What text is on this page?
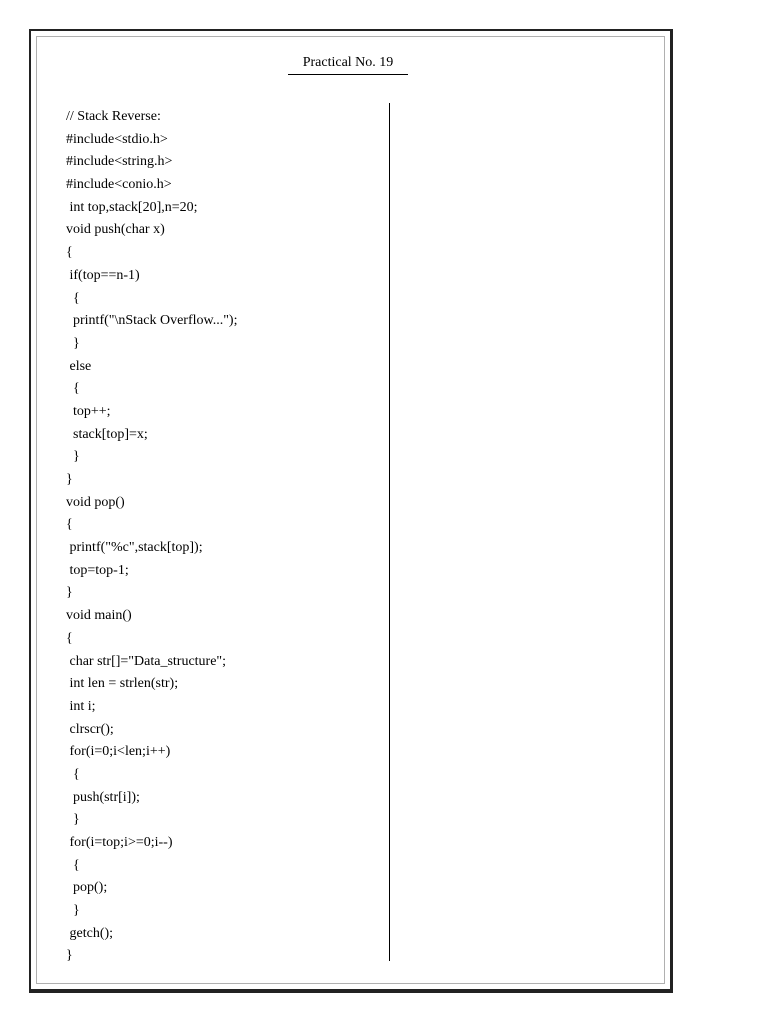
Practical No. 19
// Stack Reverse:
#include<stdio.h>
#include<string.h>
#include<conio.h>
int top,stack[20],n=20;
void push(char x)
{
if(top==n-1)
{
printf("\nStack Overflow...");
}
else
{
top++;
stack[top]=x;
}
}
void pop()
{
printf("%c",stack[top]);
top=top-1;
}
void main()
{
char str[]="Data_structure";
int len = strlen(str);
int i;
clrscr();
for(i=0;i<len;i++)
{
push(str[i]);
}
for(i=top;i>=0;i--)
{
pop();
}
getch();
}
